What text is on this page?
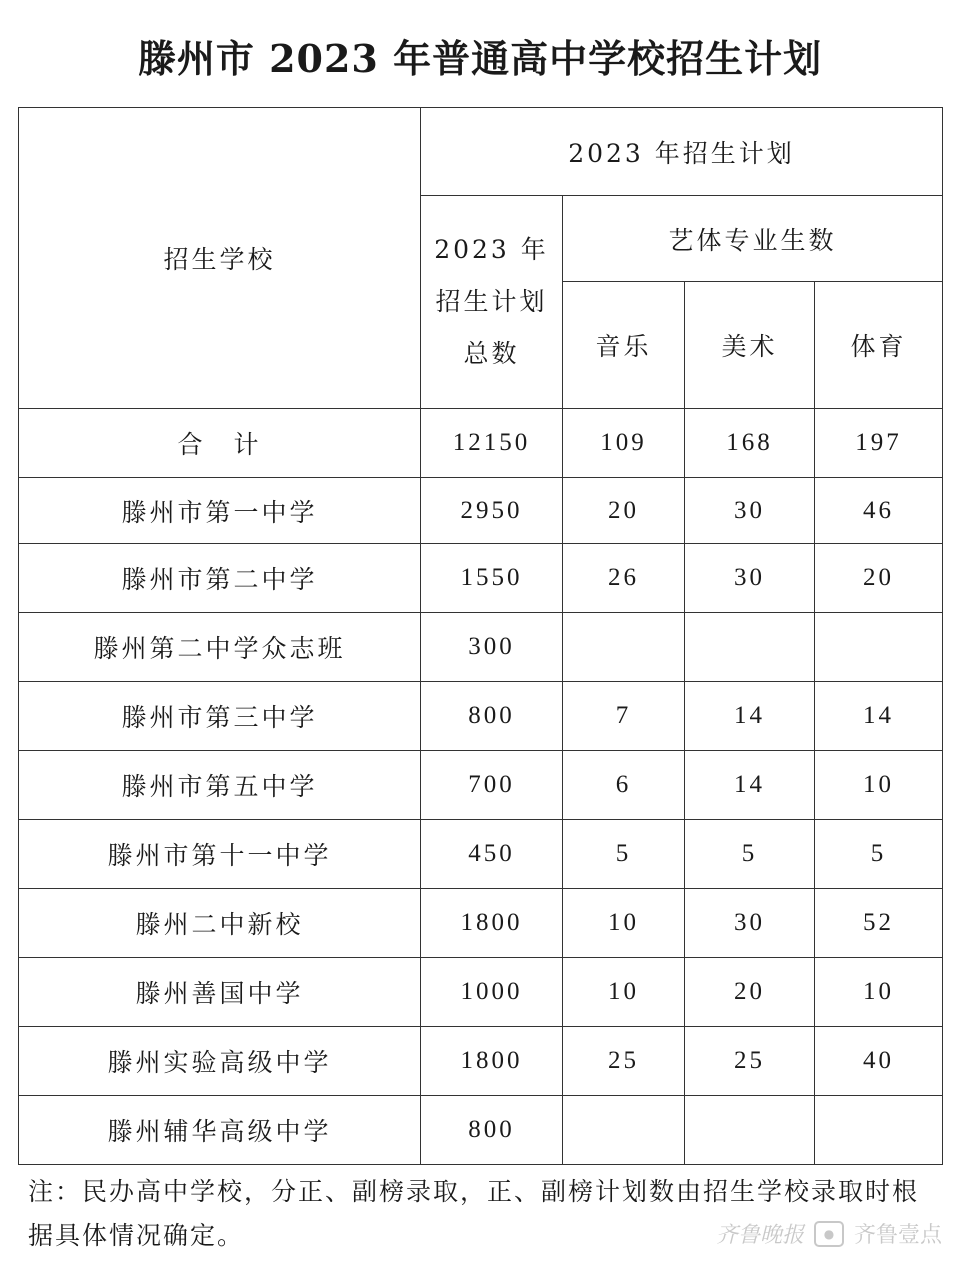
滕州市 2023 年普通高中学校招生计划
招生学校	2023 年招生计划			
	2023 年
招生计划
总数	艺体专业生数		
		音乐	美术	体育
合　计	12150	109	168	197
滕州市第一中学	2950	20	30	46
滕州市第二中学	1550	26	30	20
滕州第二中学众志班	300			
滕州市第三中学	800	7	14	14
滕州市第五中学	700	6	14	10
滕州市第十一中学	450	5	5	5
滕州二中新校	1800	10	30	52
滕州善国中学	1000	10	20	10
滕州实验高级中学	1800	25	25	40
滕州辅华高级中学	800			
注：民办高中学校，分正、副榜录取，正、副榜计划数由招生学校录取时根据具体情况确定。	齐鲁晚报	● 齐鲁壹点
